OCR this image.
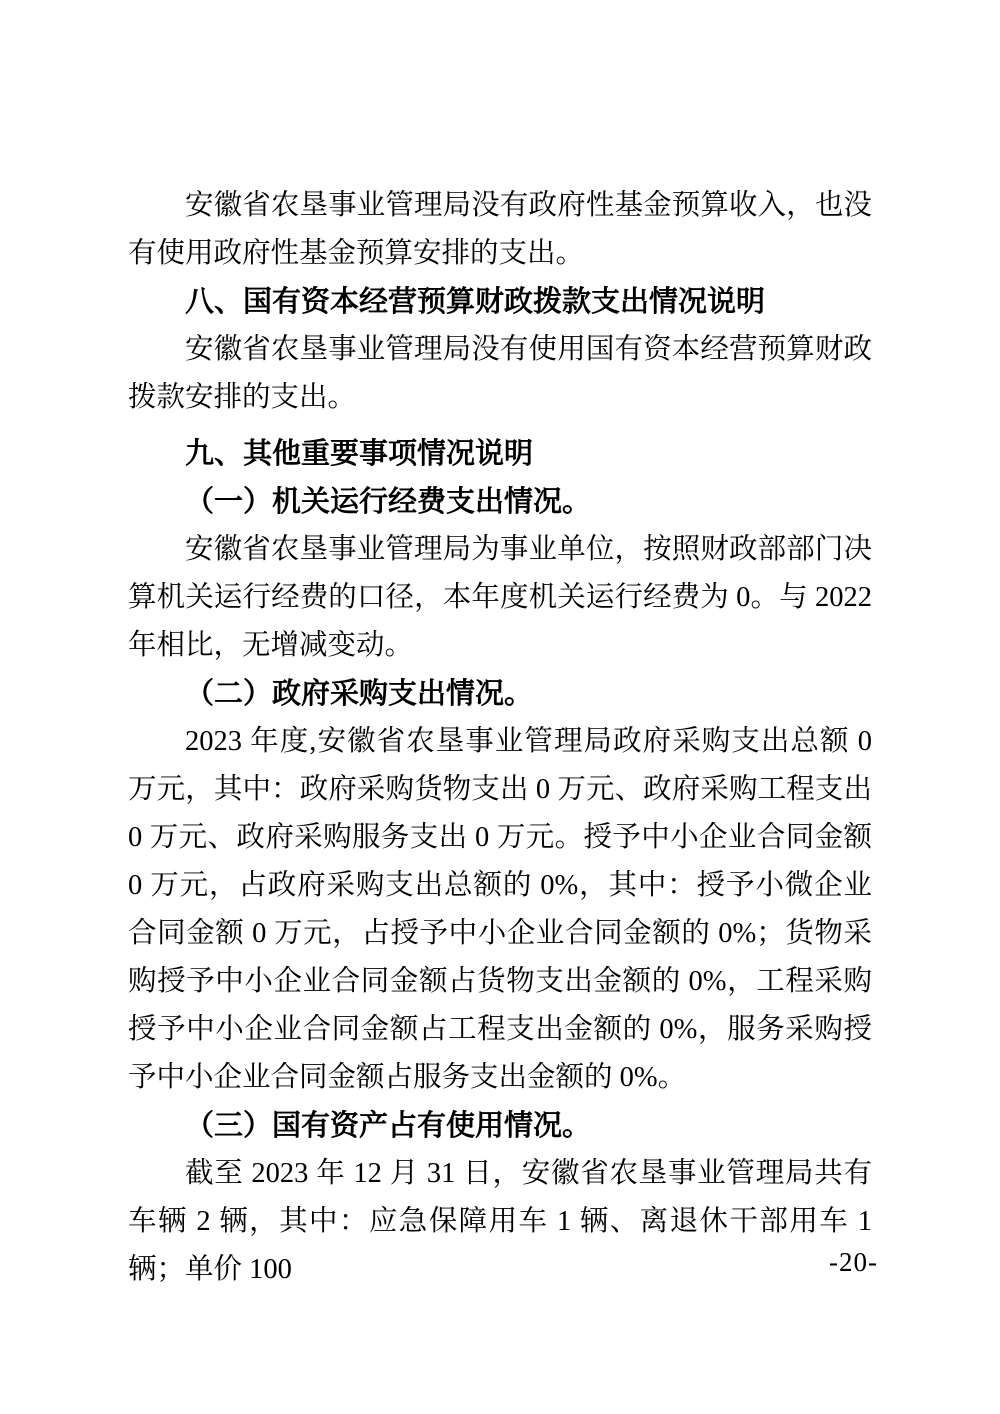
安徽省农垦事业管理局没有政府性基金预算收入，也没有使用政府性基金预算安排的支出。

八、国有资本经营预算财政拨款支出情况说明

安徽省农垦事业管理局没有使用国有资本经营预算财政拨款安排的支出。

九、其他重要事项情况说明
（一）机关运行经费支出情况。

安徽省农垦事业管理局为事业单位，按照财政部部门决算机关运行经费的口径，本年度机关运行经费为 0。与 2022 年相比，无增减变动。

（二）政府采购支出情况。

2023 年度,安徽省农垦事业管理局政府采购支出总额 0 万元，其中：政府采购货物支出 0 万元、政府采购工程支出 0 万元、政府采购服务支出 0 万元。授予中小企业合同金额 0 万元，占政府采购支出总额的 0%，其中：授予小微企业合同金额 0 万元，占授予中小企业合同金额的 0%；货物采购授予中小企业合同金额占货物支出金额的 0%，工程采购授予中小企业合同金额占工程支出金额的 0%，服务采购授予中小企业合同金额占服务支出金额的 0%。

（三）国有资产占有使用情况。

截至 2023 年 12 月 31 日，安徽省农垦事业管理局共有车辆 2 辆，其中：应急保障用车 1 辆、离退休干部用车 1 辆；单价 100	-20-
